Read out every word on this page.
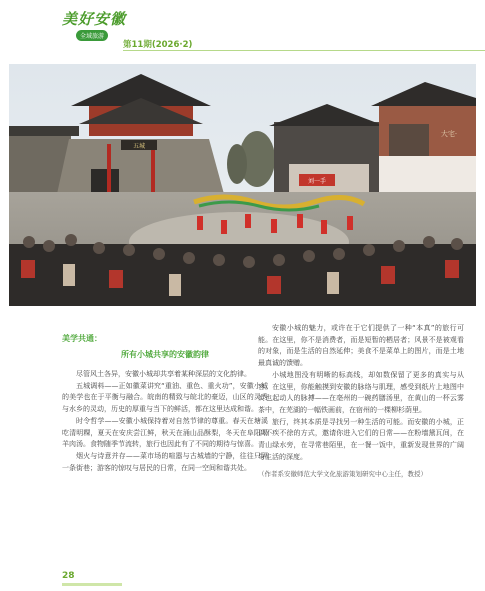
美好安徽
全域旅游
第11期(2026·2)
五城
刘一手
大宅·
美学共通：
所有小城共享的安徽韵律

尽管风土各异，安徽小城却共享着某种深层的文化韵律。

五城调料——正如徽菜讲究“重油、重色、重火功”，安徽小城的美学也在于平衡与融合。皖南的精致与皖北的豪迈，山区的灵秀与水乡的灵动，历史的厚重与当下的鲜活，都在这里达成和谐。

时令哲学——安徽小城保持着对自然节律的尊重。春天在塘溪吃清明粿，夏天在安庆尝江鲜，秋天在涌山品酥梨，冬天在阜阳喝羊肉汤。食物随季节流转，旅行也因此有了不同的期待与惊喜。

烟火与诗意并存——菜市场的喧嚣与古城墙的宁静，往往只隔一条街巷；游客的惊叹与居民的日常，在同一空间和谐共处。

安徽小城的魅力，或许在于它们提供了一种“本真”的旅行可能。在这里，你不是消费者，而是短暂的栖居者；风景不是被观看的对象，而是生活的自然延伸；美食不是菜单上的图片，而是土地最真诚的馈赠。

小城地图没有明晰的标高线，却如数保留了更多的真实与从容。在这里，你能触摸到安徽的脉络与肌理，感受到纸片上地图中实也起动人的脉搏——在亳州的一碗药膳汤里，在黄山的一杯云雾茶中，在芜湖的一幅铁画前，在宿州的一棵柳杉荫里。

旅行，终其本质是寻找另一种生活的可能。而安徽的小城，正以不疾不徐的方式，邀请你进入它们的日常——在粉墙黛瓦间，在青山绿水旁，在寻常巷陌里，在一餐一饭中，重新发现世界的广阔与生活的深度。

（作者系安徽师范大学文化旅游策划研究中心主任，教授）
28
